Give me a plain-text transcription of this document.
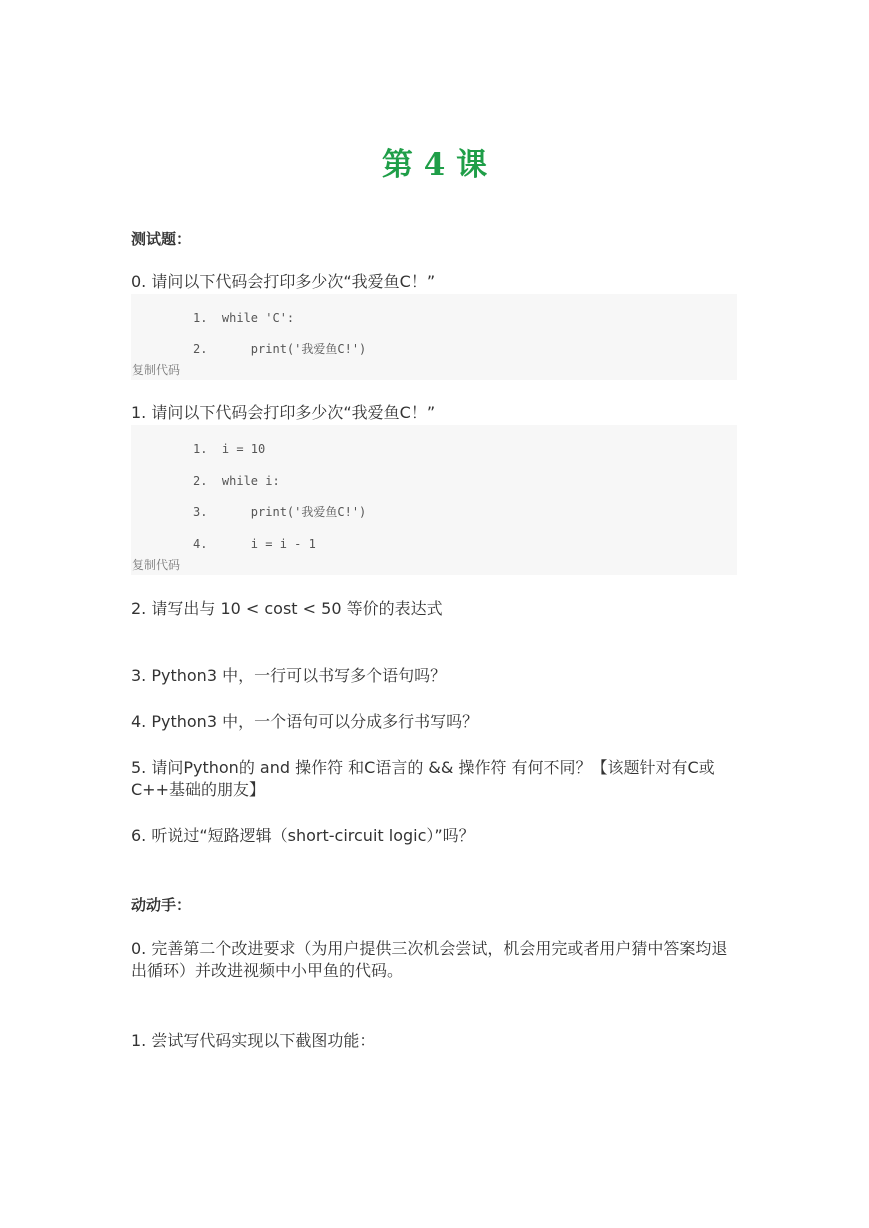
第 4 课
测试题：
0. 请问以下代码会打印多少次“我爱鱼C！”
1.  while 'C':
2.      print('我爱鱼C!')
复制代码
1. 请问以下代码会打印多少次“我爱鱼C！”
1.  i = 10
2.  while i:
3.      print('我爱鱼C!')
4.      i = i - 1
复制代码
2. 请写出与 10 < cost < 50 等价的表达式
3. Python3 中，一行可以书写多个语句吗？
4. Python3 中，一个语句可以分成多行书写吗？
5. 请问Python的 and 操作符 和C语言的 && 操作符 有何不同？【该题针对有C或C++基础的朋友】
6. 听说过“短路逻辑（short-circuit logic）”吗？
动动手：
0. 完善第二个改进要求（为用户提供三次机会尝试，机会用完或者用户猜中答案均退出循环）并改进视频中小甲鱼的代码。
1. 尝试写代码实现以下截图功能：
